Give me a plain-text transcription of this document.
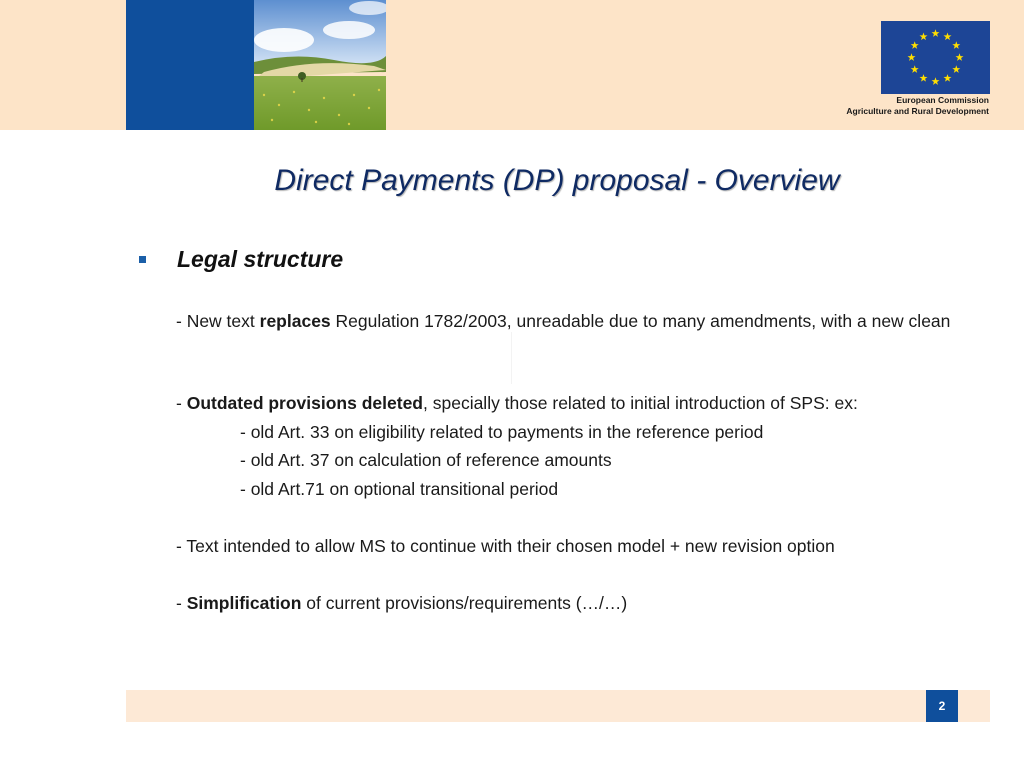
European Commission
Agriculture and Rural Development
Direct Payments (DP) proposal - Overview
Legal structure
- New text replaces Regulation 1782/2003, unreadable due to many amendments, with a new clean
- Outdated provisions deleted, specially those related to initial introduction of SPS: ex:
- old Art. 33 on eligibility related to payments in the reference period
- old Art. 37 on calculation of reference amounts
- old Art.71 on optional transitional period
- Text intended to allow MS to continue with their chosen model + new revision option
- Simplification of current provisions/requirements (…/…)
2
